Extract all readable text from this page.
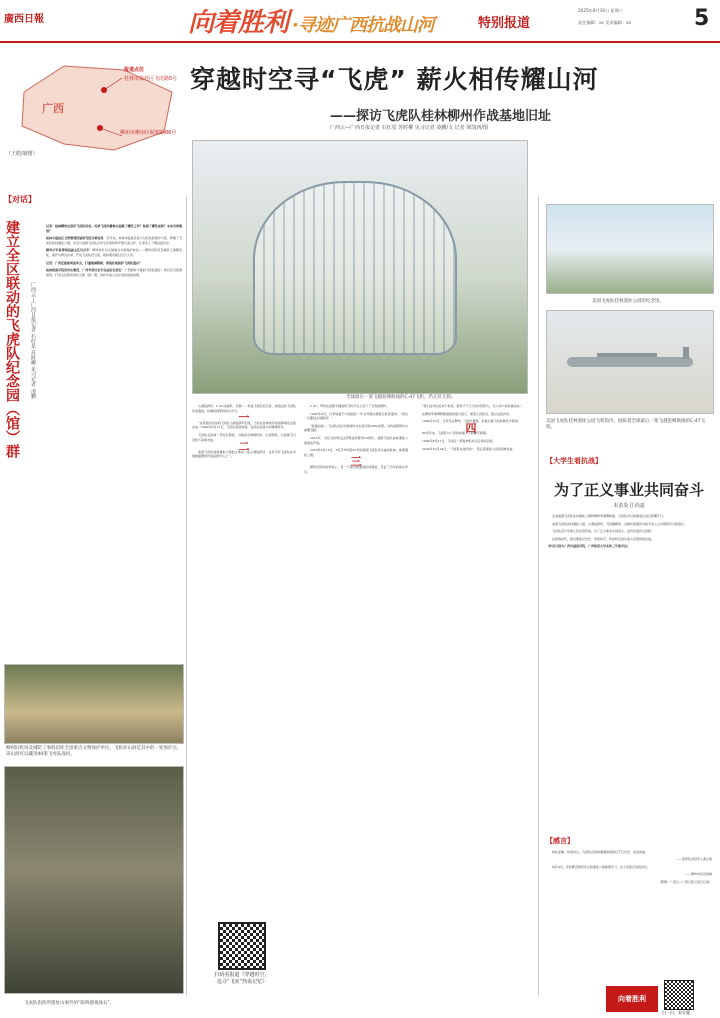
廣西日報	向着胜利 ·寻迹广西抗战山河	特别报道
2025年8月16日 星期六
责任编辑：xx 美术编辑：xx	5
广西
报道点位
桂林市临桂区飞虎路5号
柳州市柳南区航银路86号
（王皓/制图）
穿越时空寻“飞虎” 薪火相传耀山河
——探访飞虎队桂林柳州作战基地旧址
广西云—广西日报记者 石红星 苏时柳 见习记者 凌鹏/文 记者 梁凯西/图
【对话】
建立全区联动的飞虎队纪念园（馆）群	广西云—广西日报记者 石红星 苏时柳 见习记者 凌鹏

记者：桂林柳州在保护飞虎队旧址、传承飞虎队精神方面做了哪些工作？取得了哪些成效？未来有何规划？

桂林市临桂区文物管理所副研究馆员蒋桂英：近年来，桂林市临桂区加大对旧址的保护力度，修缮了飞虎队桂林遗址公园，先后与美国飞虎队历史学会等机构开展交流合作，让更多人了解这段历史。

柳州市军事博物园副主任肖首军：柳州市针对全国重点文物保护单位——柳州旧机场及城防工事群旧址，保护与研究并举，开放飞虎队纪念馆，接待观众超过百万人次。

记者：广西还能如何更多去，打通地域限制，系统化地保护飞虎队遗存？

桂林旅游学院世界史教授、广西华侨历史学会副会长张宏：广西拥有丰富的飞虎队遗存，我们应当统筹规划，打造全区联动的纪念园（馆）群，讲好中美人民并肩抗战的故事。

全球最后一架飞越驼峰航线的C-47飞机，仍完好无损。

山洞指挥所、C-47运输机、石碉……乘高飞虎队纪念性，看到这些飞虎队作战遗迹，仿佛回到那段烽火岁月。

一

“这是国内仅存的飞虎队山洞指挥所旧址，当年在桂林的作战指挥就在这里完成。”1942年6月11日，飞虎队进驻桂林，在此后的战斗中屡建奇功。

飞虎队在桂林一带驻扎期间，当地民众修建机场、运送物资，与美国飞行员结下深厚友谊。

二

美国飞虎队桂林遗址公园的主体是一座山洞指挥所，也是当年飞虎队在中国最重要的作战指挥中心之一。

C-47，罗洋在说斯平越卷的飞机平台上驻下了宝贵的情怀。

1942年4月，日军的雇于中国战后一年对外国志愿航空队的轰炸。“我们一定要赶走侵略者！”

“爱瑞加战”，飞虎队员在中国战场共击落日机2600余架，为抗战胜利作出重要贡献。

2015年，为纪念世界反法西斯战争胜利70周年，美国飞虎队桂林遗址公园建成开放。

2016年8月15日，5名平均年龄91岁的美国飞虎队老兵重返桂林，参观遗址公园。

三

柳州旧机场的草地上，有一个高出地面的机库遗址，见证了当年的烽火岁月。

“我们在华的后来个机场，都是千千万万的中国劳力，众人和小孩肩挑而来。”

在柳州军事博物园展馆的展方显示，保留人员姓名，铭记这段历史。

1944年10月，日军攻占柳州，飞虎队撤离，但他们留下的故事至今传颂。

四

80多年来，飞虎队与广西的故事，不断续写新篇。

1944年8月31日，飞虎队一架轰炸机执行任务时坠毁。

2024年10月14日，“飞虎队友谊学校”，见证着两国人民的深厚友谊。

扫码看报道《穿越时空，
追寻“飞虎”热血记忆》
柳州旧机场及城防工事群旧址全国重点文物保护单位，飞机库山洞是其中的一处保护点，该山洞可以藏进40架飞虎队战机。
飞虎队指挥所遗址山洞外的“陈纳德观战石”。
美国飞虎队桂林遗址公园的纪念馆。
美国飞虎队桂林遗址公园飞机馆内，展陈着全球最后一架飞越驼峰航线的C-47飞机。
【大学生看抗战】
为了正义事业共同奋斗
朱柔炎 江尚嘉

走进美国飞虎队桂林遗址公园和柳州军事博物园，飞虎队员们的事迹让我们感慨不已。

美国飞虎队桂林遗址公园，山洞指挥所、飞机掩蔽库、运输机等遗存仍能引发人们对那段岁月的追忆。

飞虎队员与中国人民并肩作战，为了正义事业共同奋斗，这份友谊历久弥新。

在新的时代，我们要铭记历史、珍爱和平，传承和弘扬中美人民的传统友谊。

（作者分别为广西外国语学院、广西师范大学本科三年级学生）

【感言】

知乱而静，传承初心。飞虎队员的故事激励着我们不忘历史、奋发向前。

——某部队退役军人黄吉喜

每年4月，学校都会组织学生到遗址公园参观学习，让大家铭记这段历史。

——柳州市民何香梅

（整理：广西云—广西日报记者石红星）

向着胜利
扫一扫，看专题
